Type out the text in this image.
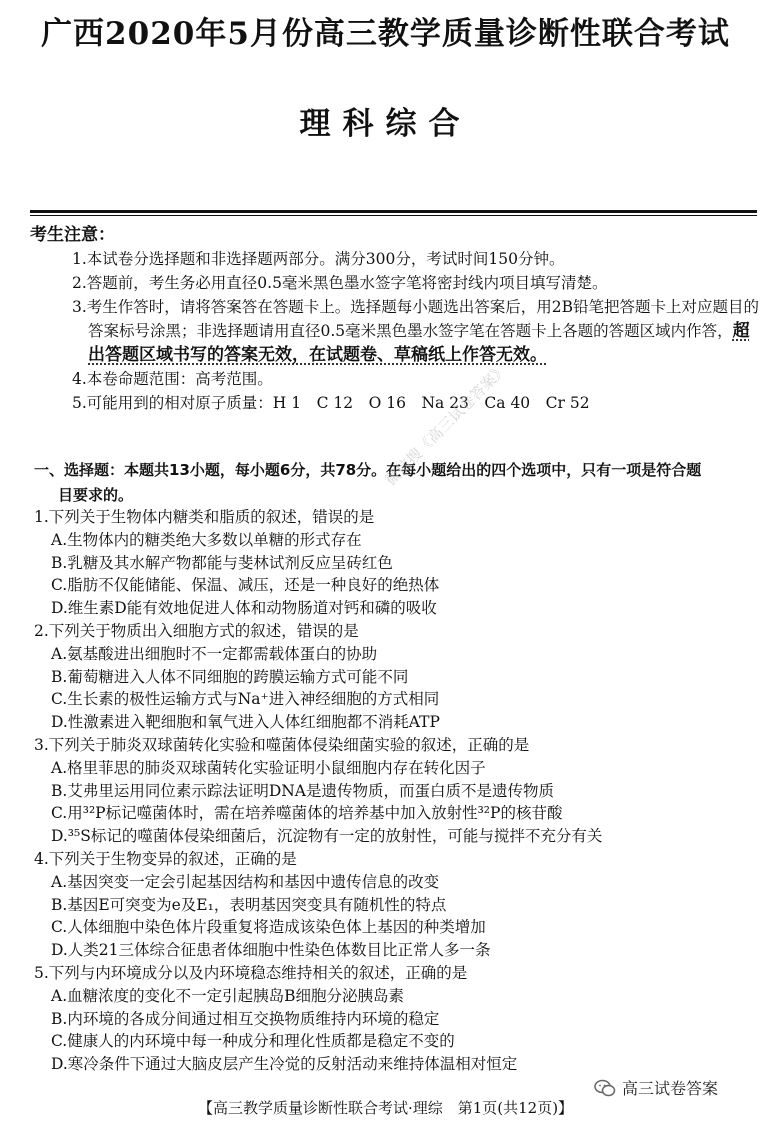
广西2020年5月份高三教学质量诊断性联合考试
理科综合

考生注意：

1.本试卷分选择题和非选择题两部分。满分300分，考试时间150分钟。
2.答题前，考生务必用直径0.5毫米黑色墨水签字笔将密封线内项目填写清楚。
3.考生作答时，请将答案答在答题卡上。选择题每小题选出答案后，用2B铅笔把答题卡上对应题目的答案标号涂黑；非选择题请用直径0.5毫米黑色墨水签字笔在答题卡上各题的答题区域内作答，超出答题区域书写的答案无效，在试题卷、草稿纸上作答无效。
4.本卷命题范围：高考范围。
5.可能用到的相对原子质量：H 1　C 12　O 16　Na 23　Ca 40　Cr 52

一、选择题：本题共13小题，每小题6分，共78分。在每小题给出的四个选项中，只有一项是符合题
目要求的。

微信搜《高三试卷答案》
1.下列关于生物体内糖类和脂质的叙述，错误的是
A.生物体内的糖类绝大多数以单糖的形式存在
B.乳糖及其水解产物都能与斐林试剂反应呈砖红色
C.脂肪不仅能储能、保温、减压，还是一种良好的绝热体
D.维生素D能有效地促进人体和动物肠道对钙和磷的吸收
2.下列关于物质出入细胞方式的叙述，错误的是
A.氨基酸进出细胞时不一定都需载体蛋白的协助
B.葡萄糖进入人体不同细胞的跨膜运输方式可能不同
C.生长素的极性运输方式与Na⁺进入神经细胞的方式相同
D.性激素进入靶细胞和氧气进入人体红细胞都不消耗ATP
3.下列关于肺炎双球菌转化实验和噬菌体侵染细菌实验的叙述，正确的是
A.格里菲思的肺炎双球菌转化实验证明小鼠细胞内存在转化因子
B.艾弗里运用同位素示踪法证明DNA是遗传物质，而蛋白质不是遗传物质
C.用³²P标记噬菌体时，需在培养噬菌体的培养基中加入放射性³²P的核苷酸
D.³⁵S标记的噬菌体侵染细菌后，沉淀物有一定的放射性，可能与搅拌不充分有关
4.下列关于生物变异的叙述，正确的是
A.基因突变一定会引起基因结构和基因中遗传信息的改变
B.基因E可突变为e及E₁，表明基因突变具有随机性的特点
C.人体细胞中染色体片段重复将造成该染色体上基因的种类增加
D.人类21三体综合征患者体细胞中性染色体数目比正常人多一条
5.下列与内环境成分以及内环境稳态维持相关的叙述，正确的是
A.血糖浓度的变化不一定引起胰岛B细胞分泌胰岛素
B.内环境的各成分间通过相互交换物质维持内环境的稳定
C.健康人的内环境中每一种成分和理化性质都是稳定不变的
D.寒冷条件下通过大脑皮层产生冷觉的反射活动来维持体温相对恒定
高三试卷答案

【高三教学质量诊断性联合考试·理综　第1页(共12页)】
